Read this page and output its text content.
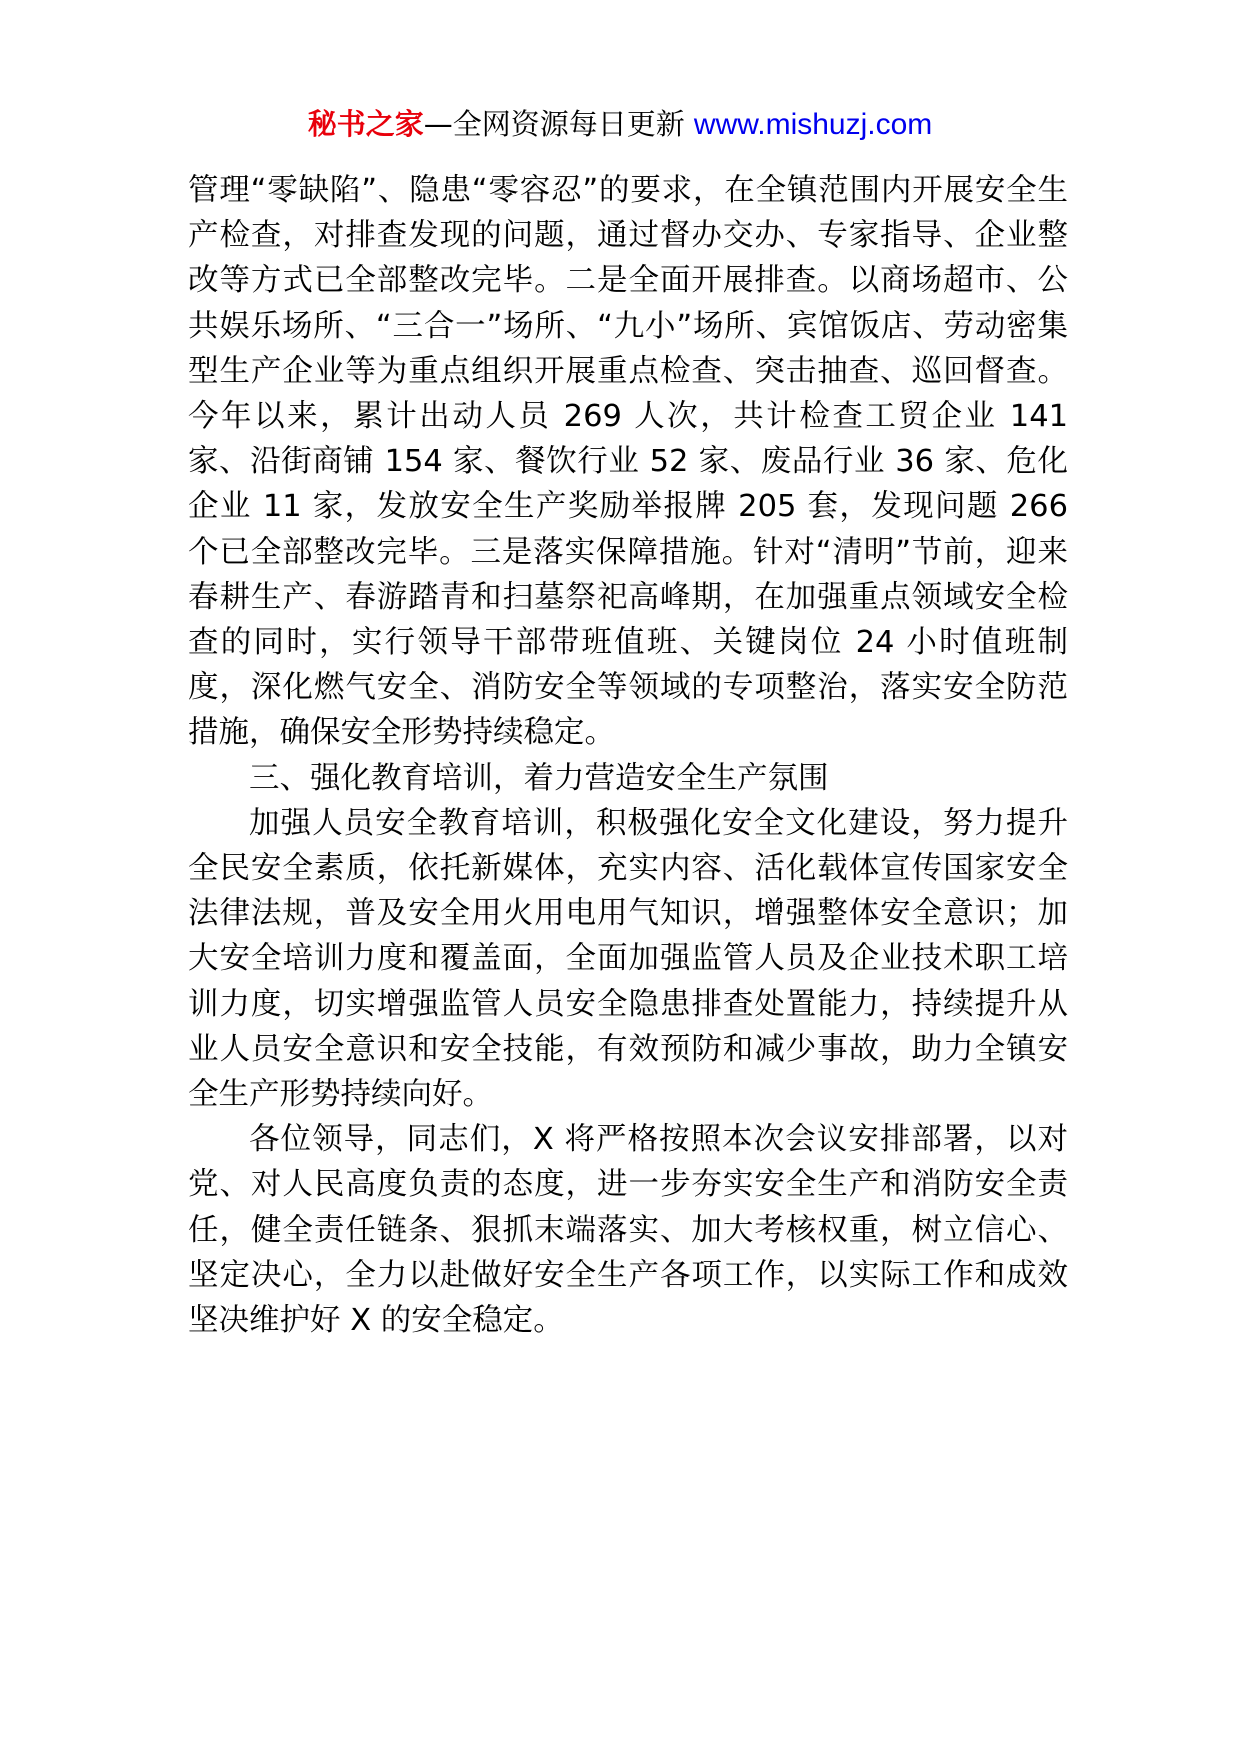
秘书之家—全网资源每日更新 www.mishuzj.com

管理“零缺陷”、隐患“零容忍”的要求，在全镇范围内开展安全生产检查，对排查发现的问题，通过督办交办、专家指导、企业整改等方式已全部整改完毕。二是全面开展排查。以商场超市、公共娱乐场所、“三合一”场所、“九小”场所、宾馆饭店、劳动密集型生产企业等为重点组织开展重点检查、突击抽查、巡回督查。今年以来，累计出动人员 269 人次，共计检查工贸企业 141 家、沿街商铺 154 家、餐饮行业 52 家、废品行业 36 家、危化企业 11 家，发放安全生产奖励举报牌 205 套，发现问题 266 个已全部整改完毕。三是落实保障措施。针对“清明”节前，迎来春耕生产、春游踏青和扫墓祭祀高峰期，在加强重点领域安全检查的同时，实行领导干部带班值班、关键岗位 24 小时值班制度，深化燃气安全、消防安全等领域的专项整治，落实安全防范措施，确保安全形势持续稳定。

三、强化教育培训，着力营造安全生产氛围

加强人员安全教育培训，积极强化安全文化建设，努力提升全民安全素质，依托新媒体，充实内容、活化载体宣传国家安全法律法规，普及安全用火用电用气知识，增强整体安全意识；加大安全培训力度和覆盖面，全面加强监管人员及企业技术职工培训力度，切实增强监管人员安全隐患排查处置能力，持续提升从业人员安全意识和安全技能，有效预防和减少事故，助力全镇安全生产形势持续向好。

各位领导，同志们，X 将严格按照本次会议安排部署，以对党、对人民高度负责的态度，进一步夯实安全生产和消防安全责任，健全责任链条、狠抓末端落实、加大考核权重，树立信心、坚定决心，全力以赴做好安全生产各项工作，以实际工作和成效坚决维护好 X 的安全稳定。
